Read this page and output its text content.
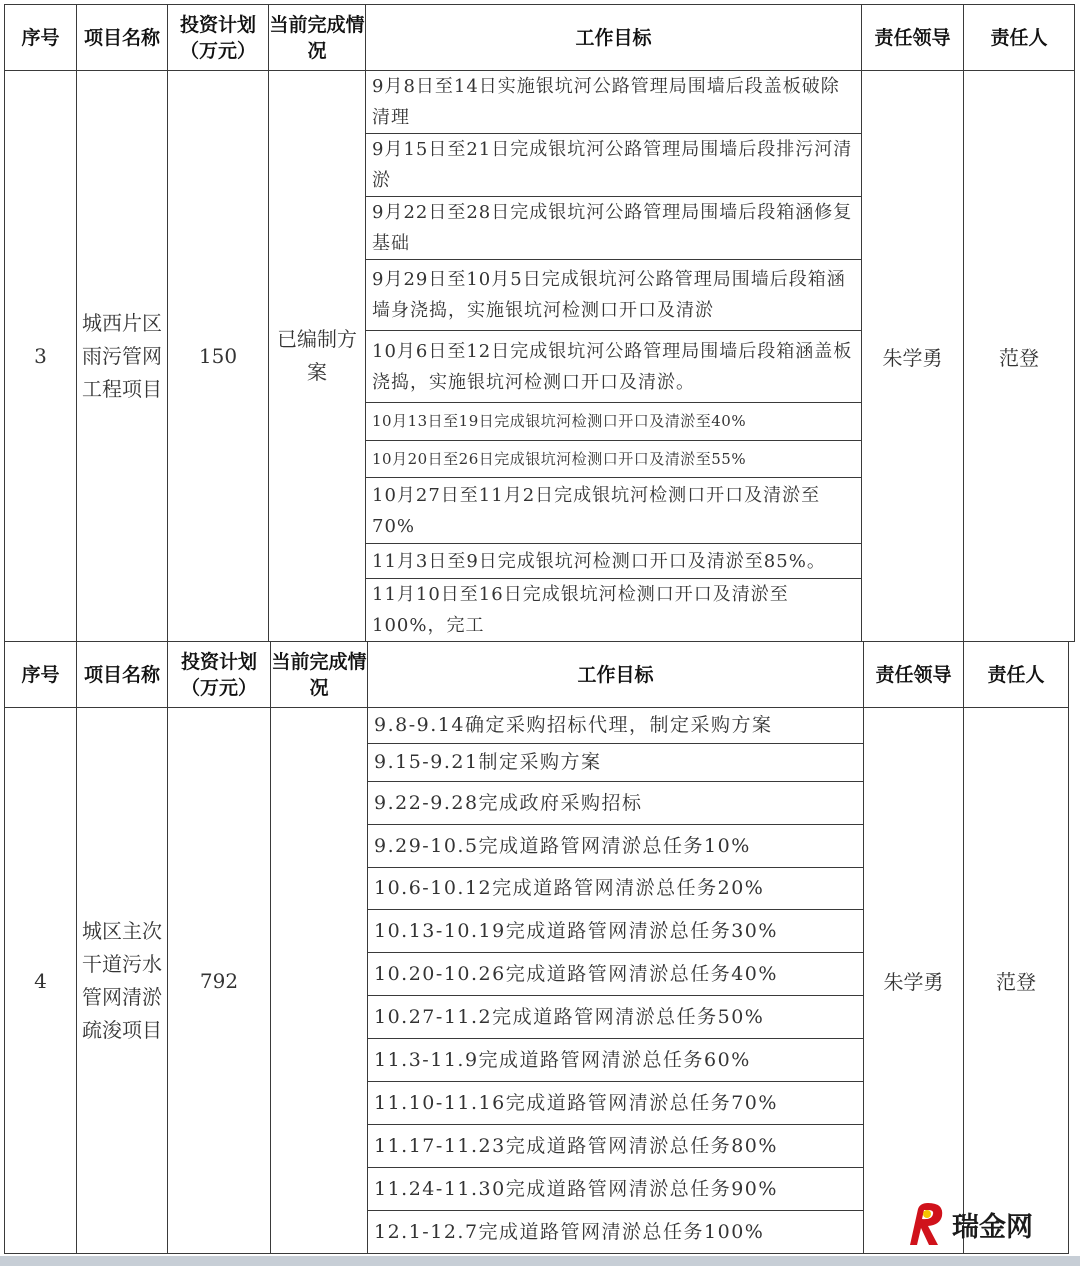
序号	项目名称	投资计划（万元）	当前完成情况	工作目标	责任领导	责任人
3	城西片区雨污管网工程项目	150	已编制方案	9月8日至14日实施银坑河公路管理局围墙后段盖板破除清理	朱学勇	范登
				9月15日至21日完成银坑河公路管理局围墙后段排污河清淤		
				9月22日至28日完成银坑河公路管理局围墙后段箱涵修复基础		
				9月29日至10月5日完成银坑河公路管理局围墙后段箱涵墙身浇捣，实施银坑河检测口开口及清淤		
				10月6日至12日完成银坑河公路管理局围墙后段箱涵盖板浇捣，实施银坑河检测口开口及清淤。		
				10月13日至19日完成银坑河检测口开口及清淤至40%		
				10月20日至26日完成银坑河检测口开口及清淤至55%		
				10月27日至11月2日完成银坑河检测口开口及清淤至70%		
				11月3日至9日完成银坑河检测口开口及清淤至85%。		
				11月10日至16日完成银坑河检测口开口及清淤至100%，完工		
序号	项目名称	投资计划（万元）	当前完成情况	工作目标	责任领导	责任人
4	城区主次干道污水管网清淤疏浚项目	792		9.8-9.14确定采购招标代理，制定采购方案	朱学勇	范登
				9.15-9.21制定采购方案		
				9.22-9.28完成政府采购招标		
				9.29-10.5完成道路管网清淤总任务10%		
				10.6-10.12完成道路管网清淤总任务20%		
				10.13-10.19完成道路管网清淤总任务30%		
				10.20-10.26完成道路管网清淤总任务40%		
				10.27-11.2完成道路管网清淤总任务50%		
				11.3-11.9完成道路管网清淤总任务60%		
				11.10-11.16完成道路管网清淤总任务70%		
				11.17-11.23完成道路管网清淤总任务80%		
				11.24-11.30完成道路管网清淤总任务90%		
				12.1-12.7完成道路管网清淤总任务100%			瑞金网
